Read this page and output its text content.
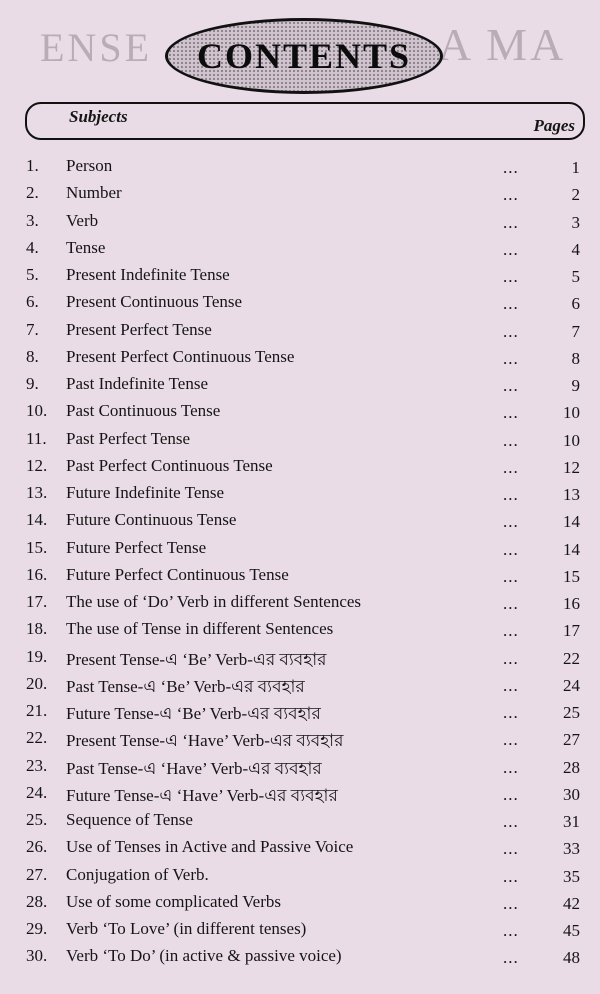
ENSE	A MA
CONTENTS
Subjects	Pages
1.	Person	...	1
2.	Number	...	2
3.	Verb	...	3
4.	Tense	...	4
5.	Present Indefinite Tense	...	5
6.	Present Continuous Tense	...	6
7.	Present Perfect Tense	...	7
8.	Present Perfect Continuous Tense	...	8
9.	Past Indefinite Tense	...	9
10.	Past Continuous Tense	...	10
11.	Past Perfect Tense	...	10
12.	Past Perfect Continuous Tense	...	12
13.	Future Indefinite Tense	...	13
14.	Future Continuous Tense	...	14
15.	Future Perfect Tense	...	14
16.	Future Perfect Continuous Tense	...	15
17.	The use of ‘Do’ Verb in different Sentences	...	16
18.	The use of Tense in different Sentences	...	17
19.	Present Tense-এ ‘Be’ Verb-এর ব্যবহার	...	22
20.	Past Tense-এ ‘Be’ Verb-এর ব্যবহার	...	24
21.	Future Tense-এ ‘Be’ Verb-এর ব্যবহার	...	25
22.	Present Tense-এ ‘Have’ Verb-এর ব্যবহার	...	27
23.	Past Tense-এ ‘Have’ Verb-এর ব্যবহার	...	28
24.	Future Tense-এ ‘Have’ Verb-এর ব্যবহার	...	30
25.	Sequence of Tense	...	31
26.	Use of Tenses in Active and Passive Voice	...	33
27.	Conjugation of Verb.	...	35
28.	Use of some complicated Verbs	...	42
29.	Verb ‘To Love’ (in different tenses)	...	45
30.	Verb ‘To Do’ (in active & passive voice)	...	48
